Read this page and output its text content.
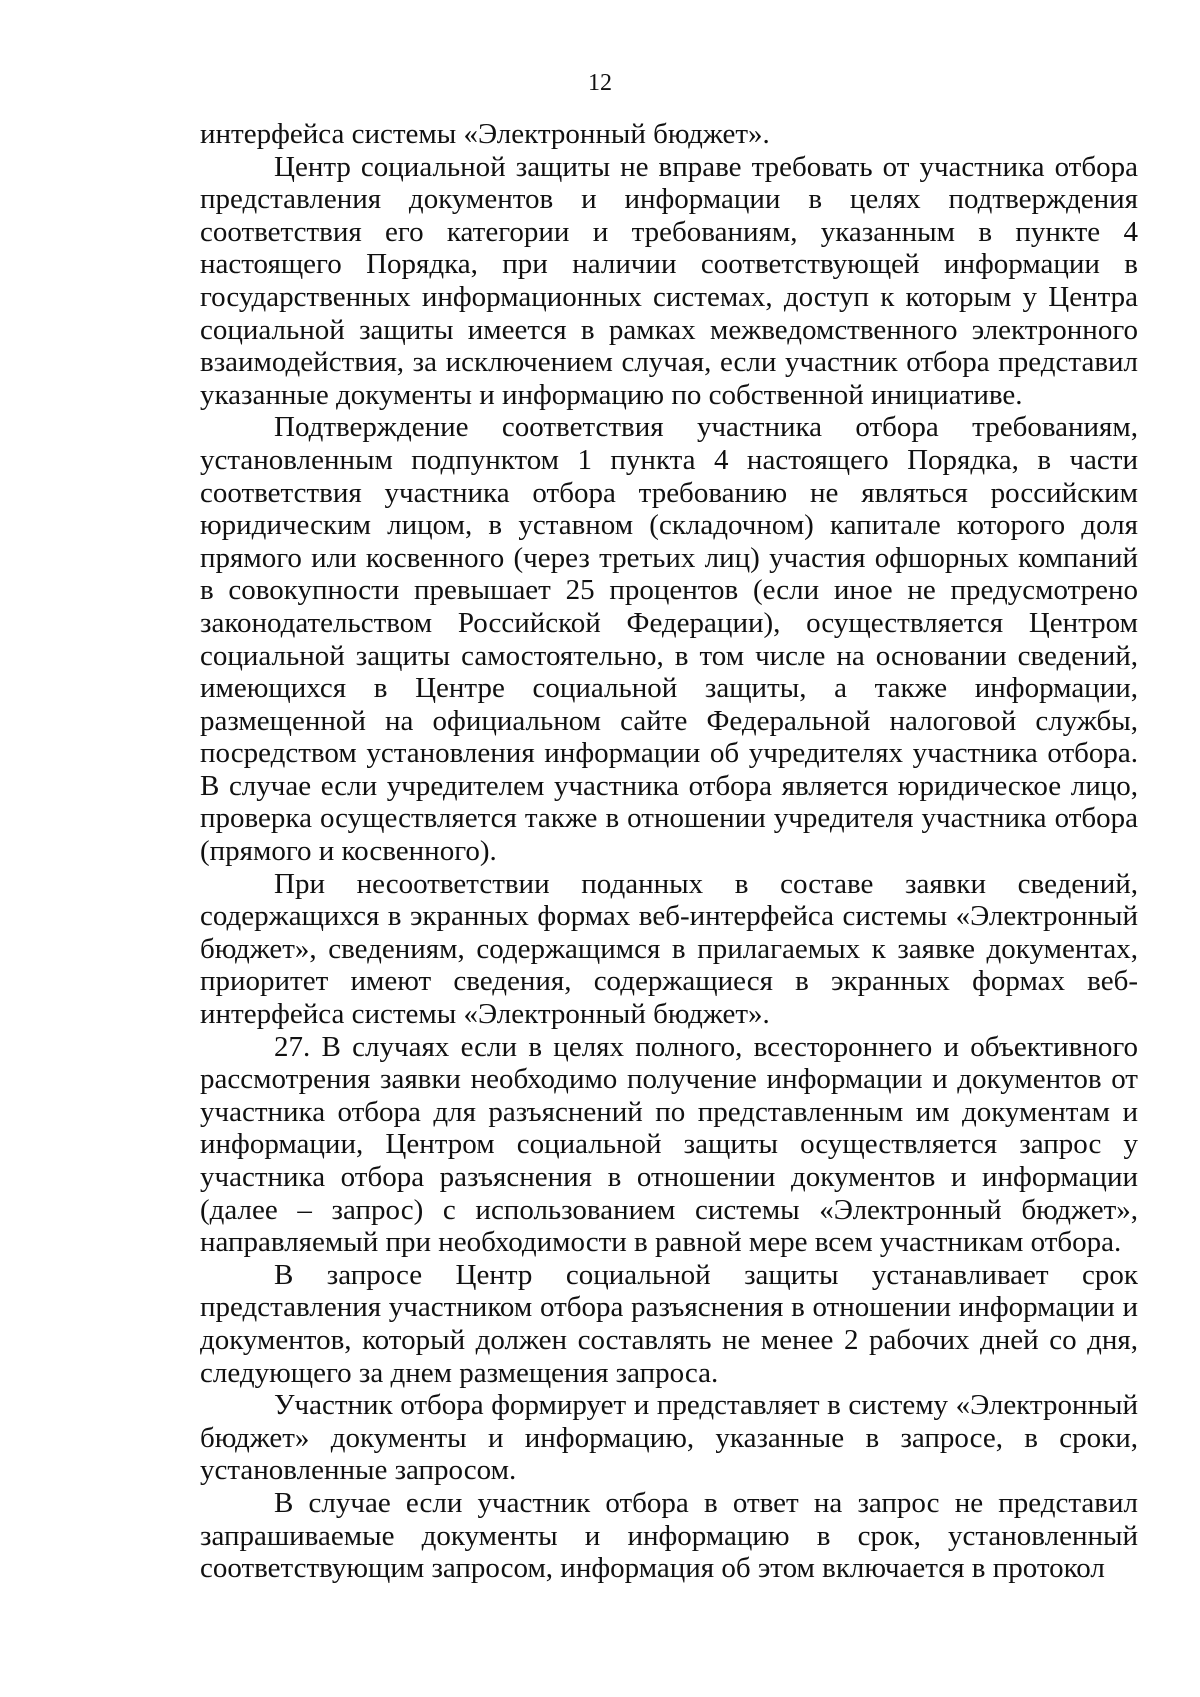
12

интерфейса системы «Электронный бюджет».

Центр социальной защиты не вправе требовать от участника отбора представления документов и информации в целях подтверждения соответствия его категории и требованиям, указанным в пункте 4 настоящего Порядка, при наличии соответствующей информации в государственных информационных системах, доступ к которым у Центра социальной защиты имеется в рамках межведомственного электронного взаимодействия, за исключением случая, если участник отбора представил указанные документы и информацию по собственной инициативе.

Подтверждение соответствия участника отбора требованиям, установленным подпунктом 1 пункта 4 настоящего Порядка, в части соответствия участника отбора требованию не являться российским юридическим лицом, в уставном (складочном) капитале которого доля прямого или косвенного (через третьих лиц) участия офшорных компаний в совокупности превышает 25 процентов (если иное не предусмотрено законодательством Российской Федерации), осуществляется Центром социальной защиты самостоятельно, в том числе на основании сведений, имеющихся в Центре социальной защиты, а также информации, размещенной на официальном сайте Федеральной налоговой службы, посредством установления информации об учредителях участника отбора. В случае если учредителем участника отбора является юридическое лицо, проверка осуществляется также в отношении учредителя участника отбора (прямого и косвенного).

При несоответствии поданных в составе заявки сведений, содержащихся в экранных формах веб-интерфейса системы «Электронный бюджет», сведениям, содержащимся в прилагаемых к заявке документах, приоритет имеют сведения, содержащиеся в экранных формах веб-интерфейса системы «Электронный бюджет».

27. В случаях если в целях полного, всестороннего и объективного рассмотрения заявки необходимо получение информации и документов от участника отбора для разъяснений по представленным им документам и информации, Центром социальной защиты осуществляется запрос у участника отбора разъяснения в отношении документов и информации (далее – запрос) с использованием системы «Электронный бюджет», направляемый при необходимости в равной мере всем участникам отбора.

В запросе Центр социальной защиты устанавливает срок представления участником отбора разъяснения в отношении информации и документов, который должен составлять не менее 2 рабочих дней со дня, следующего за днем размещения запроса.

Участник отбора формирует и представляет в систему «Электронный бюджет» документы и информацию, указанные в запросе, в сроки, установленные запросом.

В случае если участник отбора в ответ на запрос не представил запрашиваемые документы и информацию в срок, установленный соответствующим запросом, информация об этом включается в протокол
